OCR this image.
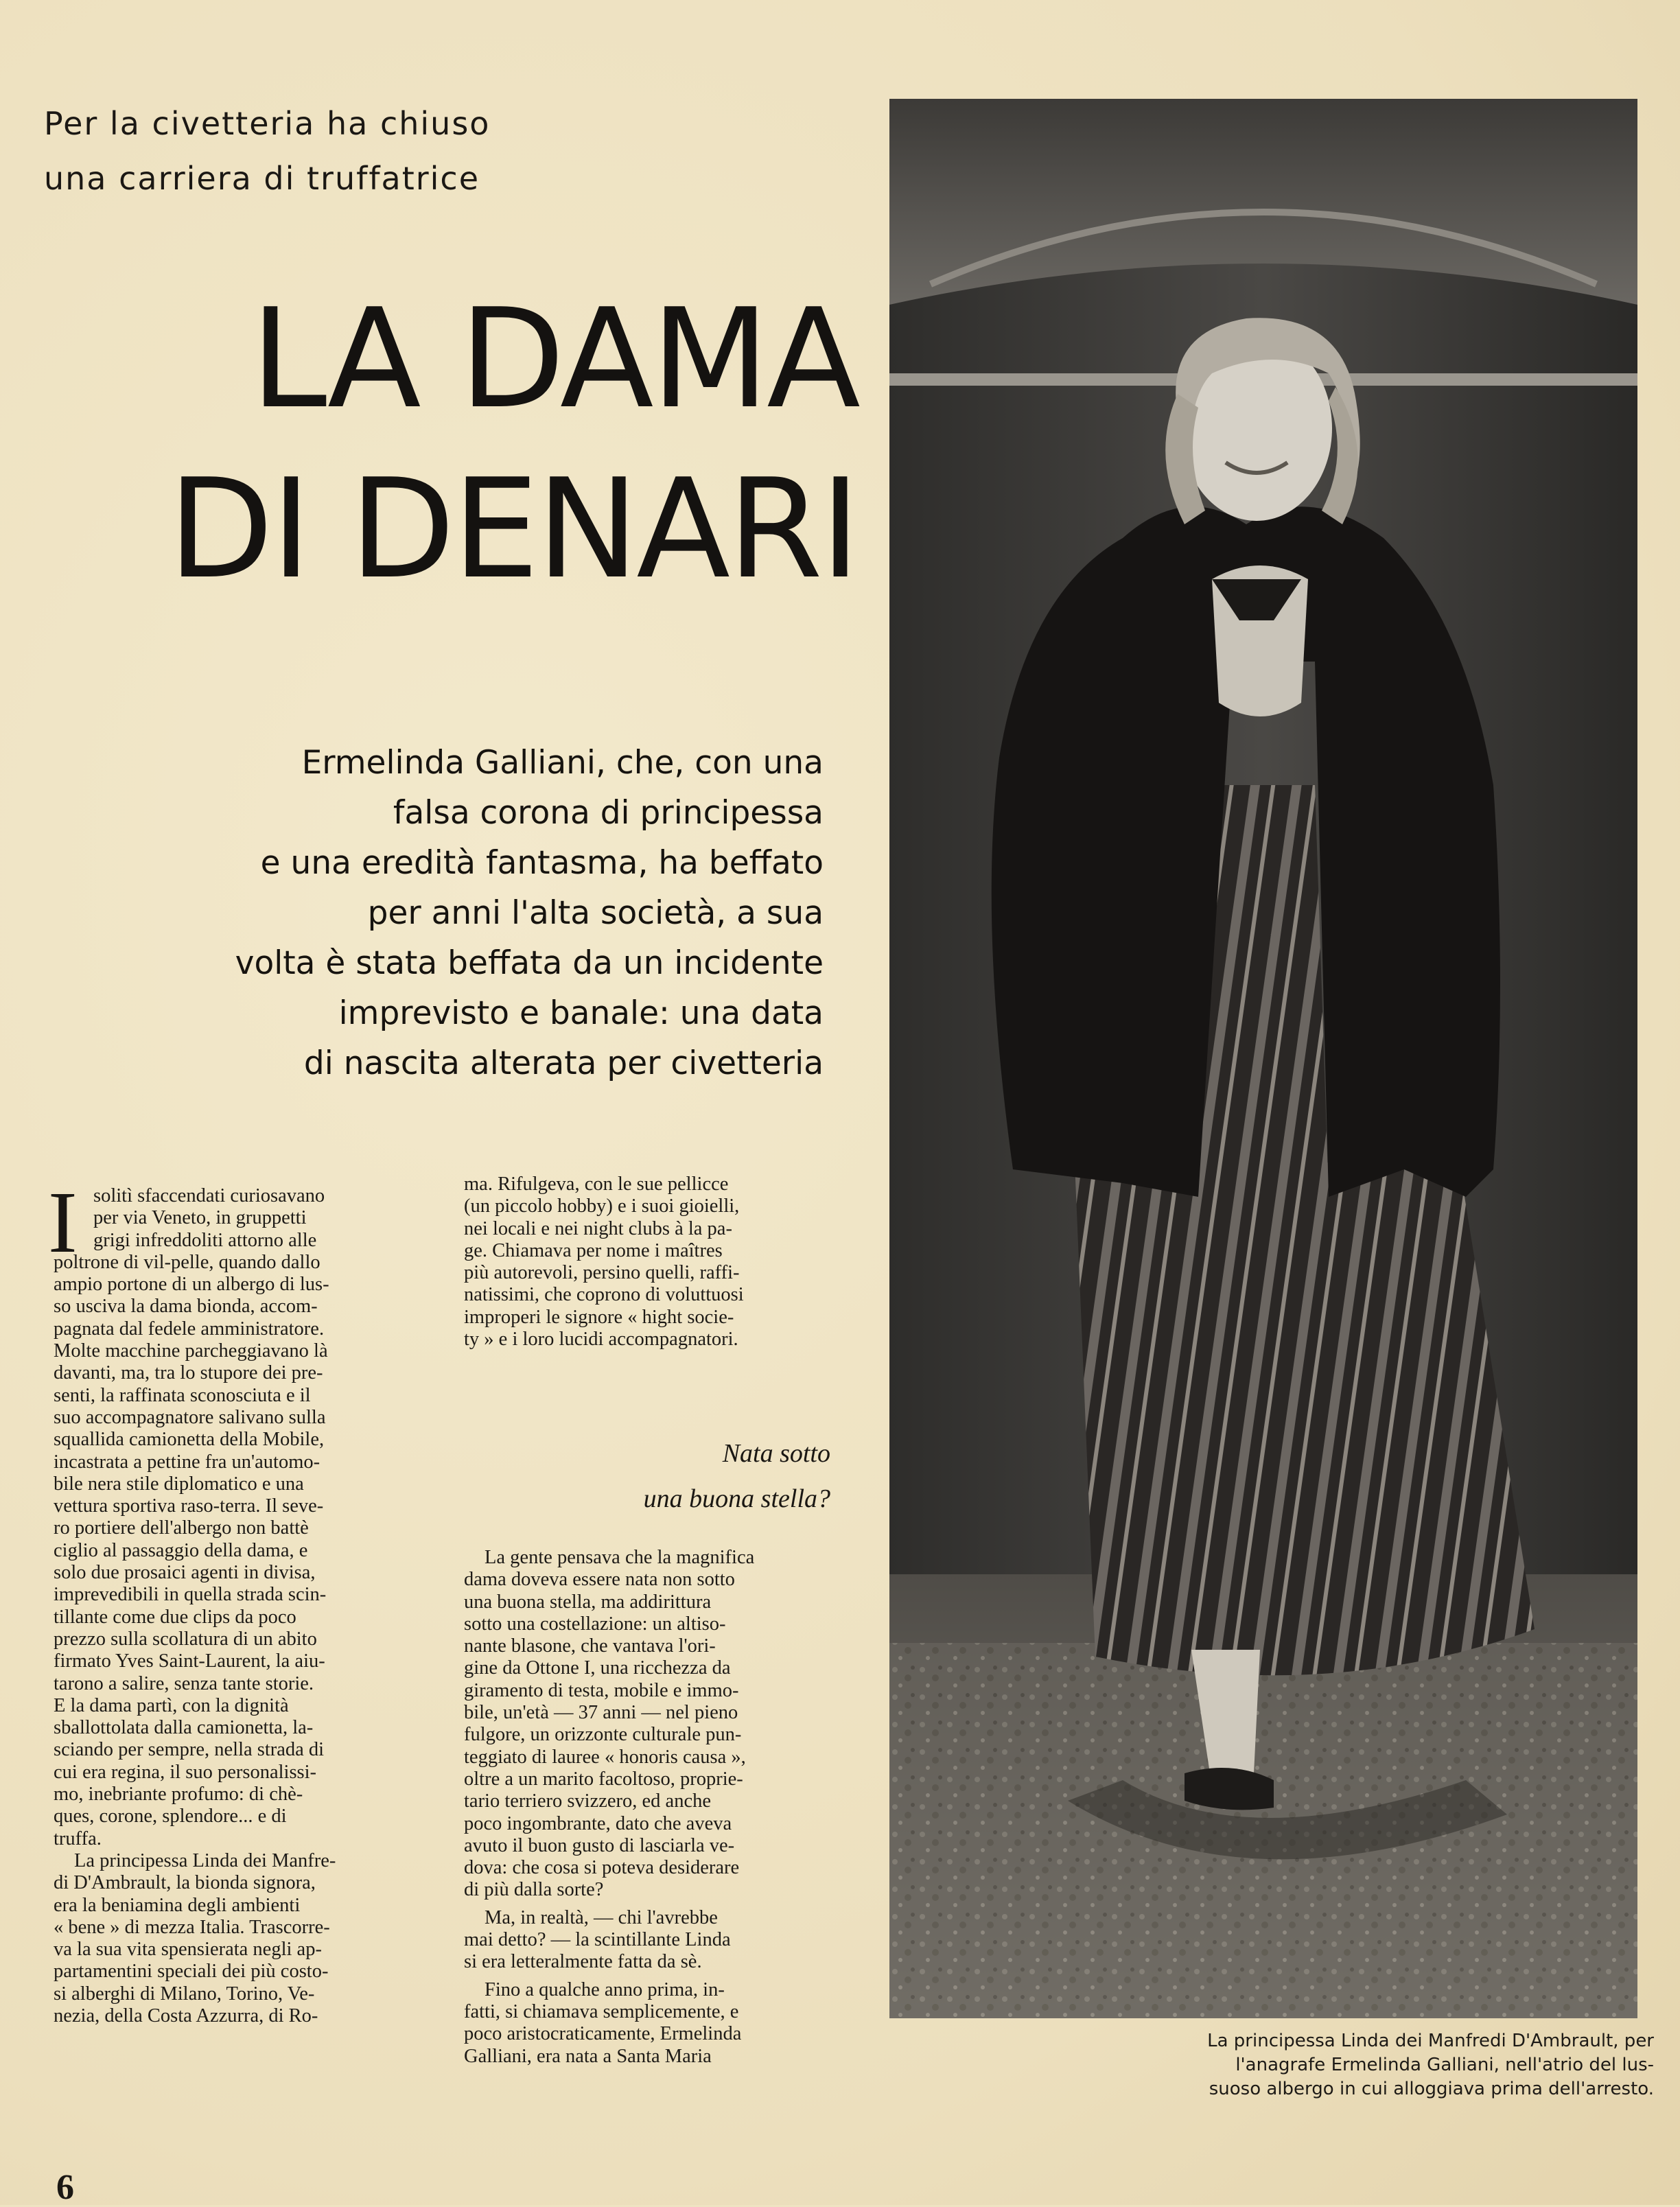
Per la civetteria ha chiuso
una carriera di truffatrice
LA DAMA
DI DENARI
Ermelinda Galliani, che, con una
falsa corona di principessa
e una eredità fantasma, ha beffato
per anni l'alta società, a sua
volta è stata beffata da un incidente
imprevisto e banale: una data
di nascita alterata per civetteria
La principessa Linda dei Manfredi D'Ambrault, per
l'anagrafe Ermelinda Galliani, nell'atrio del lus-
suoso albergo in cui alloggiava prima dell'arresto.
I solitì sfaccendati curiosavano
per via Veneto, in gruppetti
grigi infreddoliti attorno alle
poltrone di vil-pelle, quando dallo
ampio portone di un albergo di lus-
so usciva la dama bionda, accom-
pagnata dal fedele amministratore.
Molte macchine parcheggiavano là
davanti, ma, tra lo stupore dei pre-
senti, la raffinata sconosciuta e il
suo accompagnatore salivano sulla
squallida camionetta della Mobile,
incastrata a pettine fra un'automo-
bile nera stile diplomatico e una
vettura sportiva raso-terra. Il seve-
ro portiere dell'albergo non battè
ciglio al passaggio della dama, e
solo due prosaici agenti in divisa,
imprevedibili in quella strada scin-
tillante come due clips da poco
prezzo sulla scollatura di un abito
firmato Yves Saint-Laurent, la aiu-
tarono a salire, senza tante storie.
E la dama partì, con la dignità
sballottolata dalla camionetta, la-
sciando per sempre, nella strada di
cui era regina, il suo personalissi-
mo, inebriante profumo: di chè-
ques, corone, splendore... e di
truffa.
La principessa Linda dei Manfre-
di D'Ambrault, la bionda signora,
era la beniamina degli ambienti
« bene » di mezza Italia. Trascorre-
va la sua vita spensierata negli ap-
partamentini speciali dei più costo-
si alberghi di Milano, Torino, Ve-
nezia, della Costa Azzurra, di Ro-
ma. Rifulgeva, con le sue pellicce
(un piccolo hobby) e i suoi gioielli,
nei locali e nei night clubs à la pa-
ge. Chiamava per nome i maîtres
più autorevoli, persino quelli, raffi-
natissimi, che coprono di voluttuosi
improperi le signore « hight socie-
ty » e i loro lucidi accompagnatori.
Nata sotto
una buona stella?
La gente pensava che la magnifica
dama doveva essere nata non sotto
una buona stella, ma addirittura
sotto una costellazione: un altiso-
nante blasone, che vantava l'ori-
gine da Ottone I, una ricchezza da
giramento di testa, mobile e immo-
bile, un'età — 37 anni — nel pieno
fulgore, un orizzonte culturale pun-
teggiato di lauree « honoris causa »,
oltre a un marito facoltoso, proprie-
tario terriero svizzero, ed anche
poco ingombrante, dato che aveva
avuto il buon gusto di lasciarla ve-
dova: che cosa si poteva desiderare
di più dalla sorte?
Ma, in realtà, — chi l'avrebbe
mai detto? — la scintillante Linda
si era letteralmente fatta da sè.
Fino a qualche anno prima, in-
fatti, si chiamava semplicemente, e
poco aristocraticamente, Ermelinda
Galliani, era nata a Santa Maria
6
